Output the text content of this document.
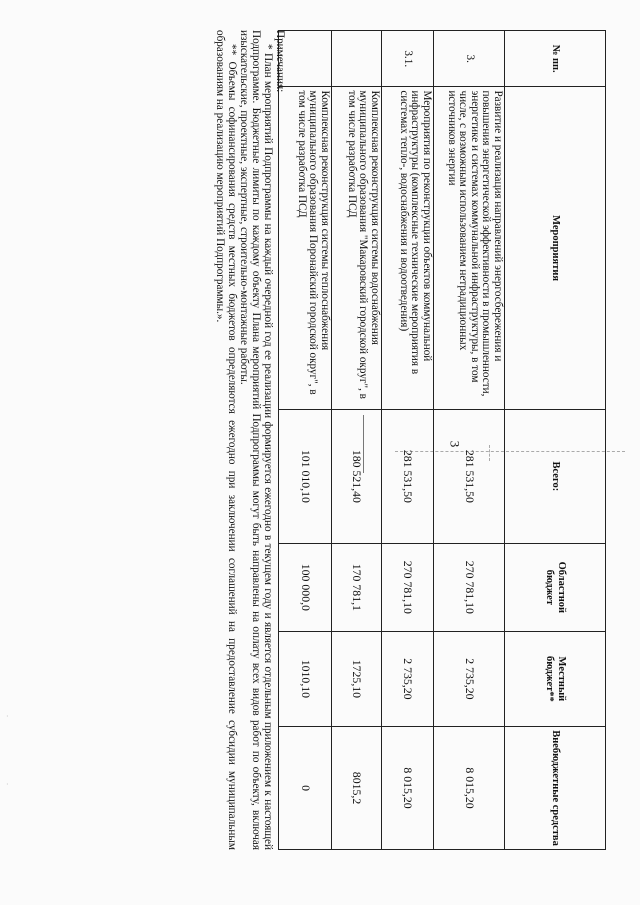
3
·
·
№ пп.	Мероприятия	Всего:	Областной бюджет	Местный бюджет**	Внебюджетные средства
3.	Развитие и реализация направлений энергосбережения и повышения энергетической эффективности в промышленности, энергетике и системах коммунальной инфраструктуры, в том числе, с возможным использованием нетрадиционных источников энергии	281 531,50	270 781,10	2 735,20	8 015,20
3.1.	Мероприятия по реконструкции объектов коммунальной инфраструктуры (комплексные технические мероприятия в системах тепло-, водоснабжения и водоотведения)	281 531,50	270 781,10	2 735,20	8 015,20
	Комплексная реконструкция системы водоснабжения муниципального образования "Макаровский городской округ", в том числе разработка ПСД	180 521,40	170 781,1	1725,10	8015,2
	Комплексная реконструкция системы теплоснабжения муниципального образования Поронайский городской округ", в том числе разработка ПСД	101 010,10	100 000,0	1010,10	0

Примечания:

* План мероприятий Подпрограммы на каждый очередной год ее реализации формируется ежегодно в текущем году и является отдельным приложением к настоящей Подпрограмме. Бюджетные лимиты по каждому объекту Плана мероприятий Подпрограммы могут быть направлены на оплату всех видов работ по объекту, включая изыскательские, проектные, экспертные, строительно-монтажные работы.

** Объемы софинансирования средств местных бюджетов определяются ежегодно при заключении соглашений на предоставление субсидии муниципальным образованиям на реализацию мероприятий Подпрограммы.».
